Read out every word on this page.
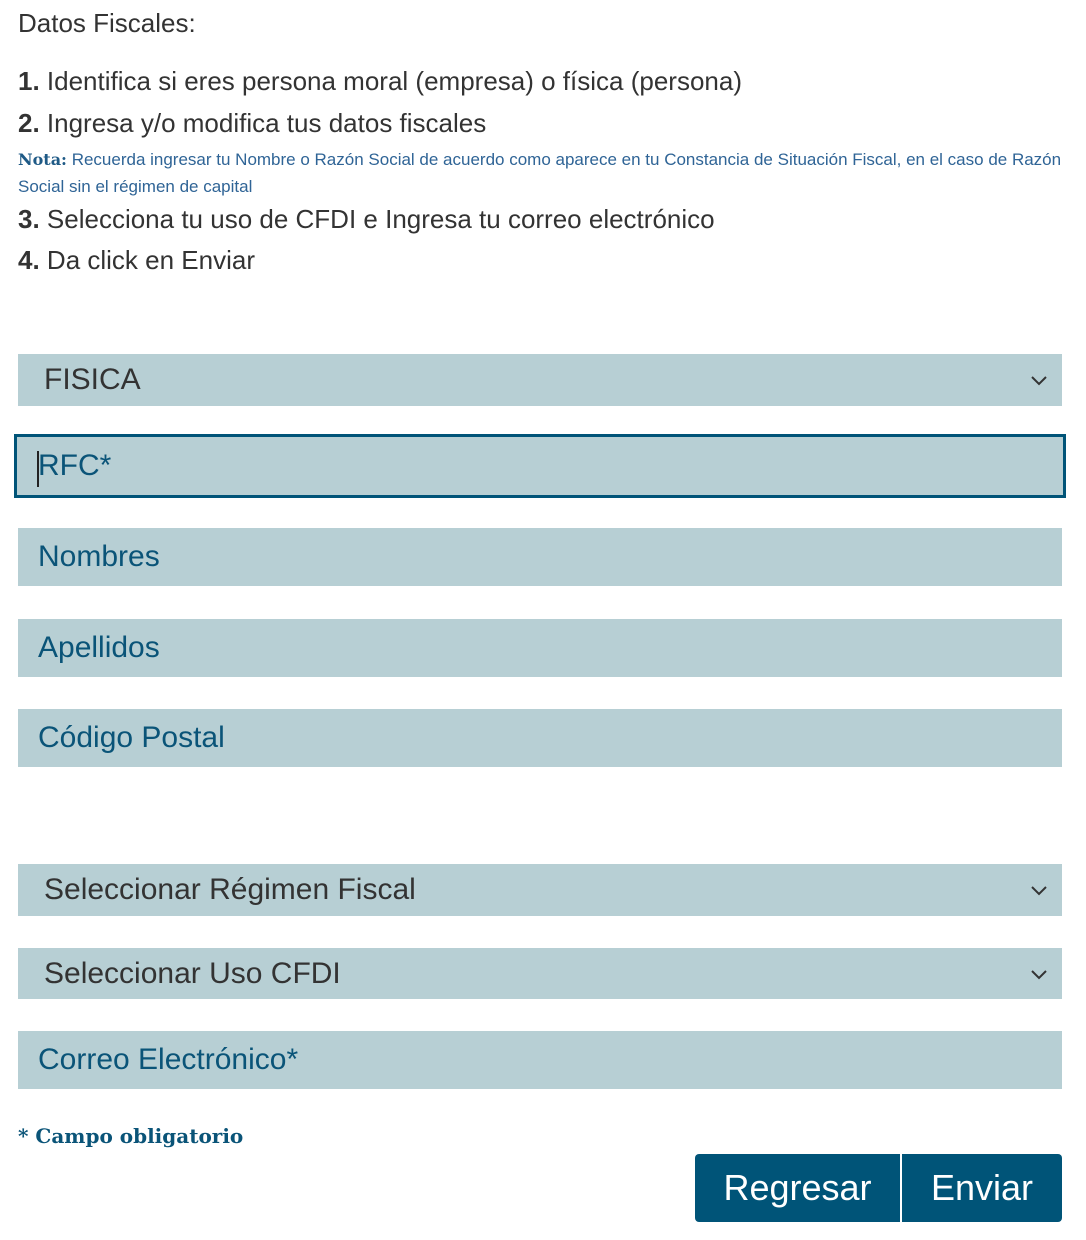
Datos Fiscales:
1. Identifica si eres persona moral (empresa) o física (persona)
2. Ingresa y/o modifica tus datos fiscales
Nota: Recuerda ingresar tu Nombre o Razón Social de acuerdo como aparece en tu Constancia de Situación Fiscal, en el caso de Razón Social sin el régimen de capital
3. Selecciona tu uso de CFDI e Ingresa tu correo electrónico
4. Da click en Enviar
FISICA
RFC*
Nombres
Apellidos
Código Postal
Seleccionar Régimen Fiscal
Seleccionar Uso CFDI
Correo Electrónico*
* Campo obligatorio
Regresar	Enviar
